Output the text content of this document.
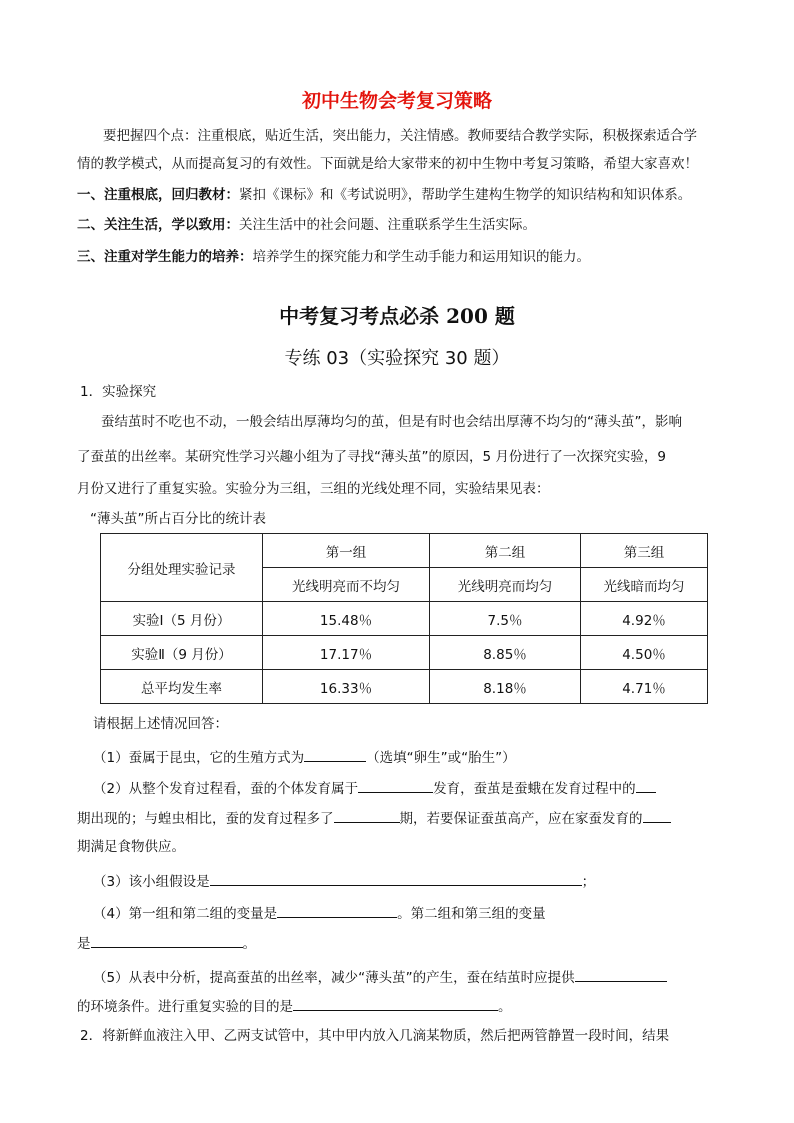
初中生物会考复习策略
要把握四个点：注重根底，贴近生活，突出能力，关注情感。教师要结合教学实际，积极探索适合学
情的教学模式，从而提高复习的有效性。下面就是给大家带来的初中生物中考复习策略，希望大家喜欢！
一、注重根底，回归教材：紧扣《课标》和《考试说明》，帮助学生建构生物学的知识结构和知识体系。
二、关注生活，学以致用：关注生活中的社会问题、注重联系学生生活实际。
三、注重对学生能力的培养：培养学生的探究能力和学生动手能力和运用知识的能力。
中考复习考点必杀 200 题
专练 03（实验探究 30 题）
1．实验探究
蚕结茧时不吃也不动，一般会结出厚薄均匀的茧，但是有时也会结出厚薄不均匀的“薄头茧”，影响
了蚕茧的出丝率。某研究性学习兴趣小组为了寻找“薄头茧”的原因，5 月份进行了一次探究实验，9
月份又进行了重复实验。实验分为三组，三组的光线处理不同，实验结果见表：
“薄头茧”所占百分比的统计表
分组处理实验记录	第一组	第二组	第三组
	光线明亮而不均匀	光线明亮而均匀	光线暗而均匀
实验Ⅰ（5 月份）	15.48％	7.5％	4.92％
实验Ⅱ（9 月份）	17.17％	8.85％	4.50％
总平均发生率	16.33％	8.18％	4.71％
请根据上述情况回答：
（1）蚕属于昆虫，它的生殖方式为	（选填“卵生”或“胎生”）
（2）从整个发育过程看，蚕的个体发育属于	发育，蚕茧是蚕蛾在发育过程中的
期出现的；与蝗虫相比，蚕的发育过程多了	期，若要保证蚕茧高产，应在家蚕发育的
期满足食物供应。
（3）该小组假设是	；
（4）第一组和第二组的变量是	。第二组和第三组的变量
是	。
（5）从表中分析，提高蚕茧的出丝率，减少“薄头茧”的产生，蚕在结茧时应提供
的环境条件。进行重复实验的目的是	。
2．将新鲜血液注入甲、乙两支试管中，其中甲内放入几滴某物质，然后把两管静置一段时间，结果
